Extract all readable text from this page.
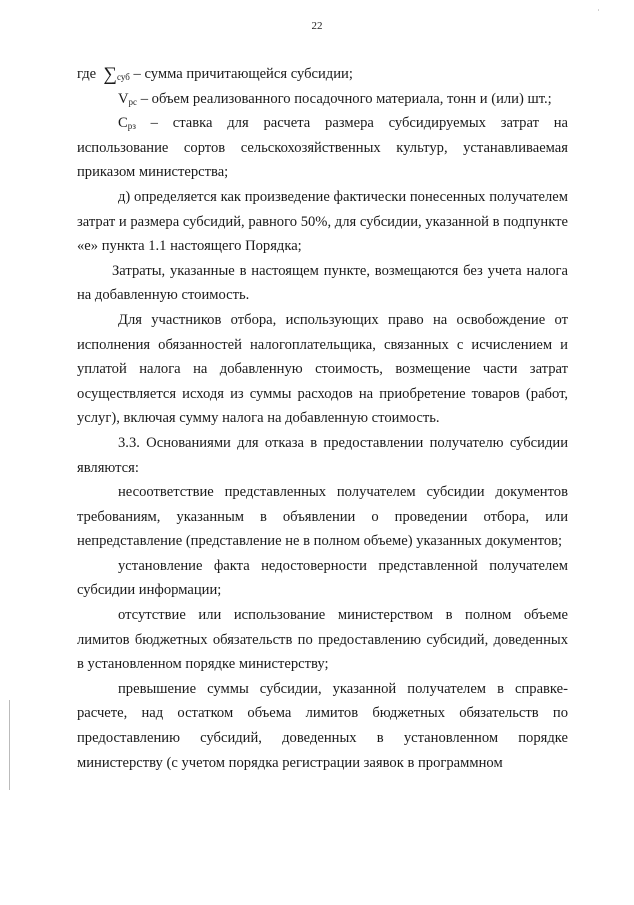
˙
22

где $\sum_{суб}$ – сумма причитающейся субсидии;

$V_{рс}$ – объем реализованного посадочного материала, тонн и (или) шт.;

$С_{рз}$ – ставка для расчета размера субсидируемых затрат на использование сортов сельскохозяйственных культур, устанавливаемая приказом министерства;

д) определяется как произведение фактически понесенных получателем затрат и размера субсидий, равного 50%, для субсидии, указанной в подпункте «е» пункта 1.1 настоящего Порядка;

Затраты, указанные в настоящем пункте, возмещаются без учета налога на добавленную стоимость.

Для участников отбора, использующих право на освобождение от исполнения обязанностей налогоплательщика, связанных с исчислением и уплатой налога на добавленную стоимость, возмещение части затрат осуществляется исходя из суммы расходов на приобретение товаров (работ, услуг), включая сумму налога на добавленную стоимость.

3.3. Основаниями для отказа в предоставлении получателю субсидии являются:

несоответствие представленных получателем субсидии документов требованиям, указанным в объявлении о проведении отбора, или непредставление (представление не в полном объеме) указанных документов;

установление факта недостоверности представленной получателем субсидии информации;

отсутствие или использование министерством в полном объеме лимитов бюджетных обязательств по предоставлению субсидий, доведенных в установленном порядке министерству;

превышение суммы субсидии, указанной получателем в справке-расчете, над остатком объема лимитов бюджетных обязательств по предоставлению субсидий, доведенных в установленном порядке министерству (с учетом порядка регистрации заявок в программном
